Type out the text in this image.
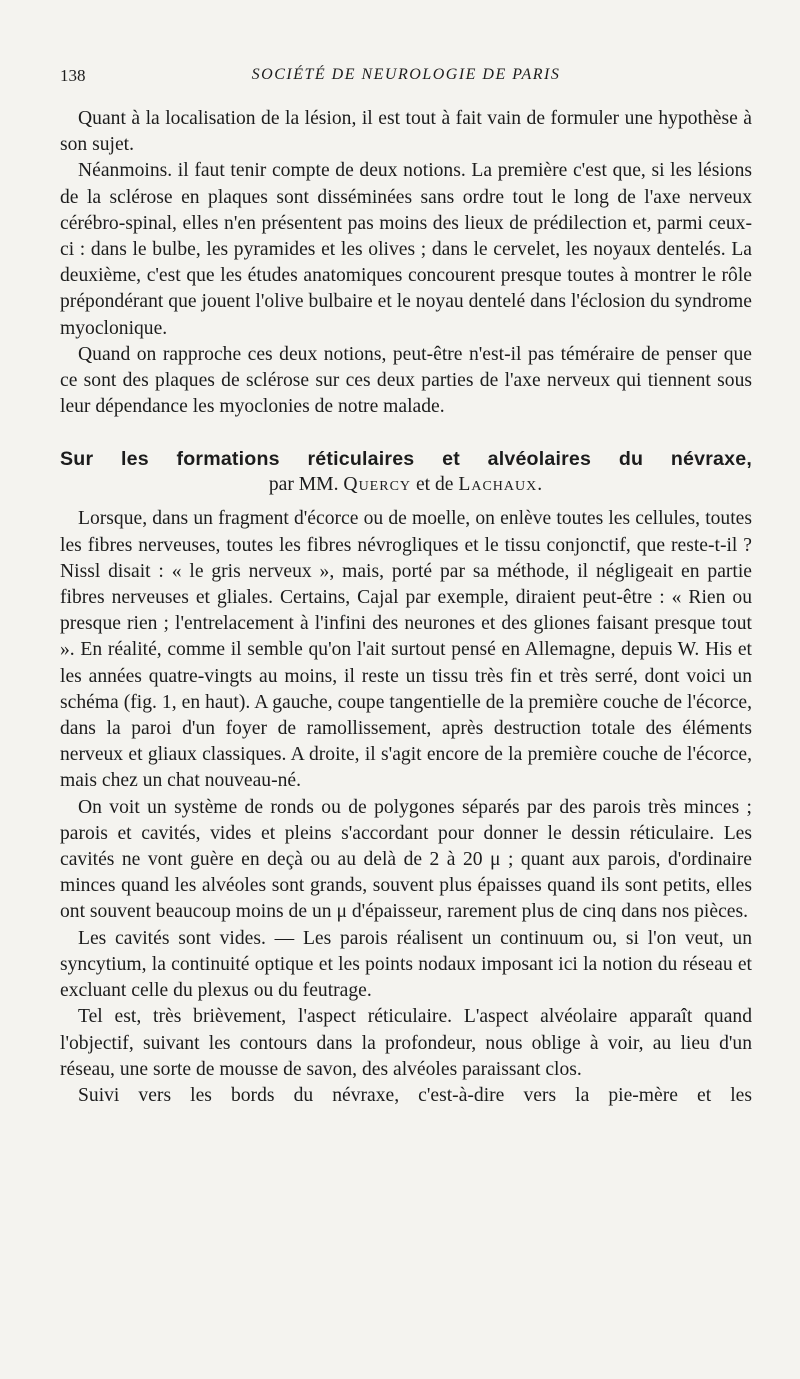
138	SOCIÉTÉ DE NEUROLOGIE DE PARIS

Quant à la localisation de la lésion, il est tout à fait vain de formuler une hypothèse à son sujet.

Néanmoins. il faut tenir compte de deux notions. La première c'est que, si les lésions de la sclérose en plaques sont disséminées sans ordre tout le long de l'axe nerveux cérébro-spinal, elles n'en présentent pas moins des lieux de prédilection et, parmi ceux-ci : dans le bulbe, les pyramides et les olives ; dans le cervelet, les noyaux dentelés. La deuxième, c'est que les études anatomiques concourent presque toutes à montrer le rôle prépondérant que jouent l'olive bulbaire et le noyau dentelé dans l'éclosion du syndrome myoclonique.

Quand on rapproche ces deux notions, peut-être n'est-il pas téméraire de penser que ce sont des plaques de sclérose sur ces deux parties de l'axe nerveux qui tiennent sous leur dépendance les myoclonies de notre malade.

Sur les formations réticulaires et alvéolaires du névraxe,
par MM. Quercy et de Lachaux.

Lorsque, dans un fragment d'écorce ou de moelle, on enlève toutes les cellules, toutes les fibres nerveuses, toutes les fibres névrogliques et le tissu conjonctif, que reste-t-il ? Nissl disait : « le gris nerveux », mais, porté par sa méthode, il négligeait en partie fibres nerveuses et gliales. Certains, Cajal par exemple, diraient peut-être : « Rien ou presque rien ; l'entrelacement à l'infini des neurones et des gliones faisant presque tout ». En réalité, comme il semble qu'on l'ait surtout pensé en Allemagne, depuis W. His et les années quatre-vingts au moins, il reste un tissu très fin et très serré, dont voici un schéma (fig. 1, en haut). A gauche, coupe tangentielle de la première couche de l'écorce, dans la paroi d'un foyer de ramollissement, après destruction totale des éléments nerveux et gliaux classiques. A droite, il s'agit encore de la première couche de l'écorce, mais chez un chat nouveau-né.

On voit un système de ronds ou de polygones séparés par des parois très minces ; parois et cavités, vides et pleins s'accordant pour donner le dessin réticulaire. Les cavités ne vont guère en deçà ou au delà de 2 à 20 μ ; quant aux parois, d'ordinaire minces quand les alvéoles sont grands, souvent plus épaisses quand ils sont petits, elles ont souvent beaucoup moins de un μ d'épaisseur, rarement plus de cinq dans nos pièces.

Les cavités sont vides. — Les parois réalisent un continuum ou, si l'on veut, un syncytium, la continuité optique et les points nodaux imposant ici la notion du réseau et excluant celle du plexus ou du feutrage.

Tel est, très brièvement, l'aspect réticulaire. L'aspect alvéolaire apparaît quand l'objectif, suivant les contours dans la profondeur, nous oblige à voir, au lieu d'un réseau, une sorte de mousse de savon, des alvéoles paraissant clos.

Suivi vers les bords du névraxe, c'est-à-dire vers la pie-mère et les
